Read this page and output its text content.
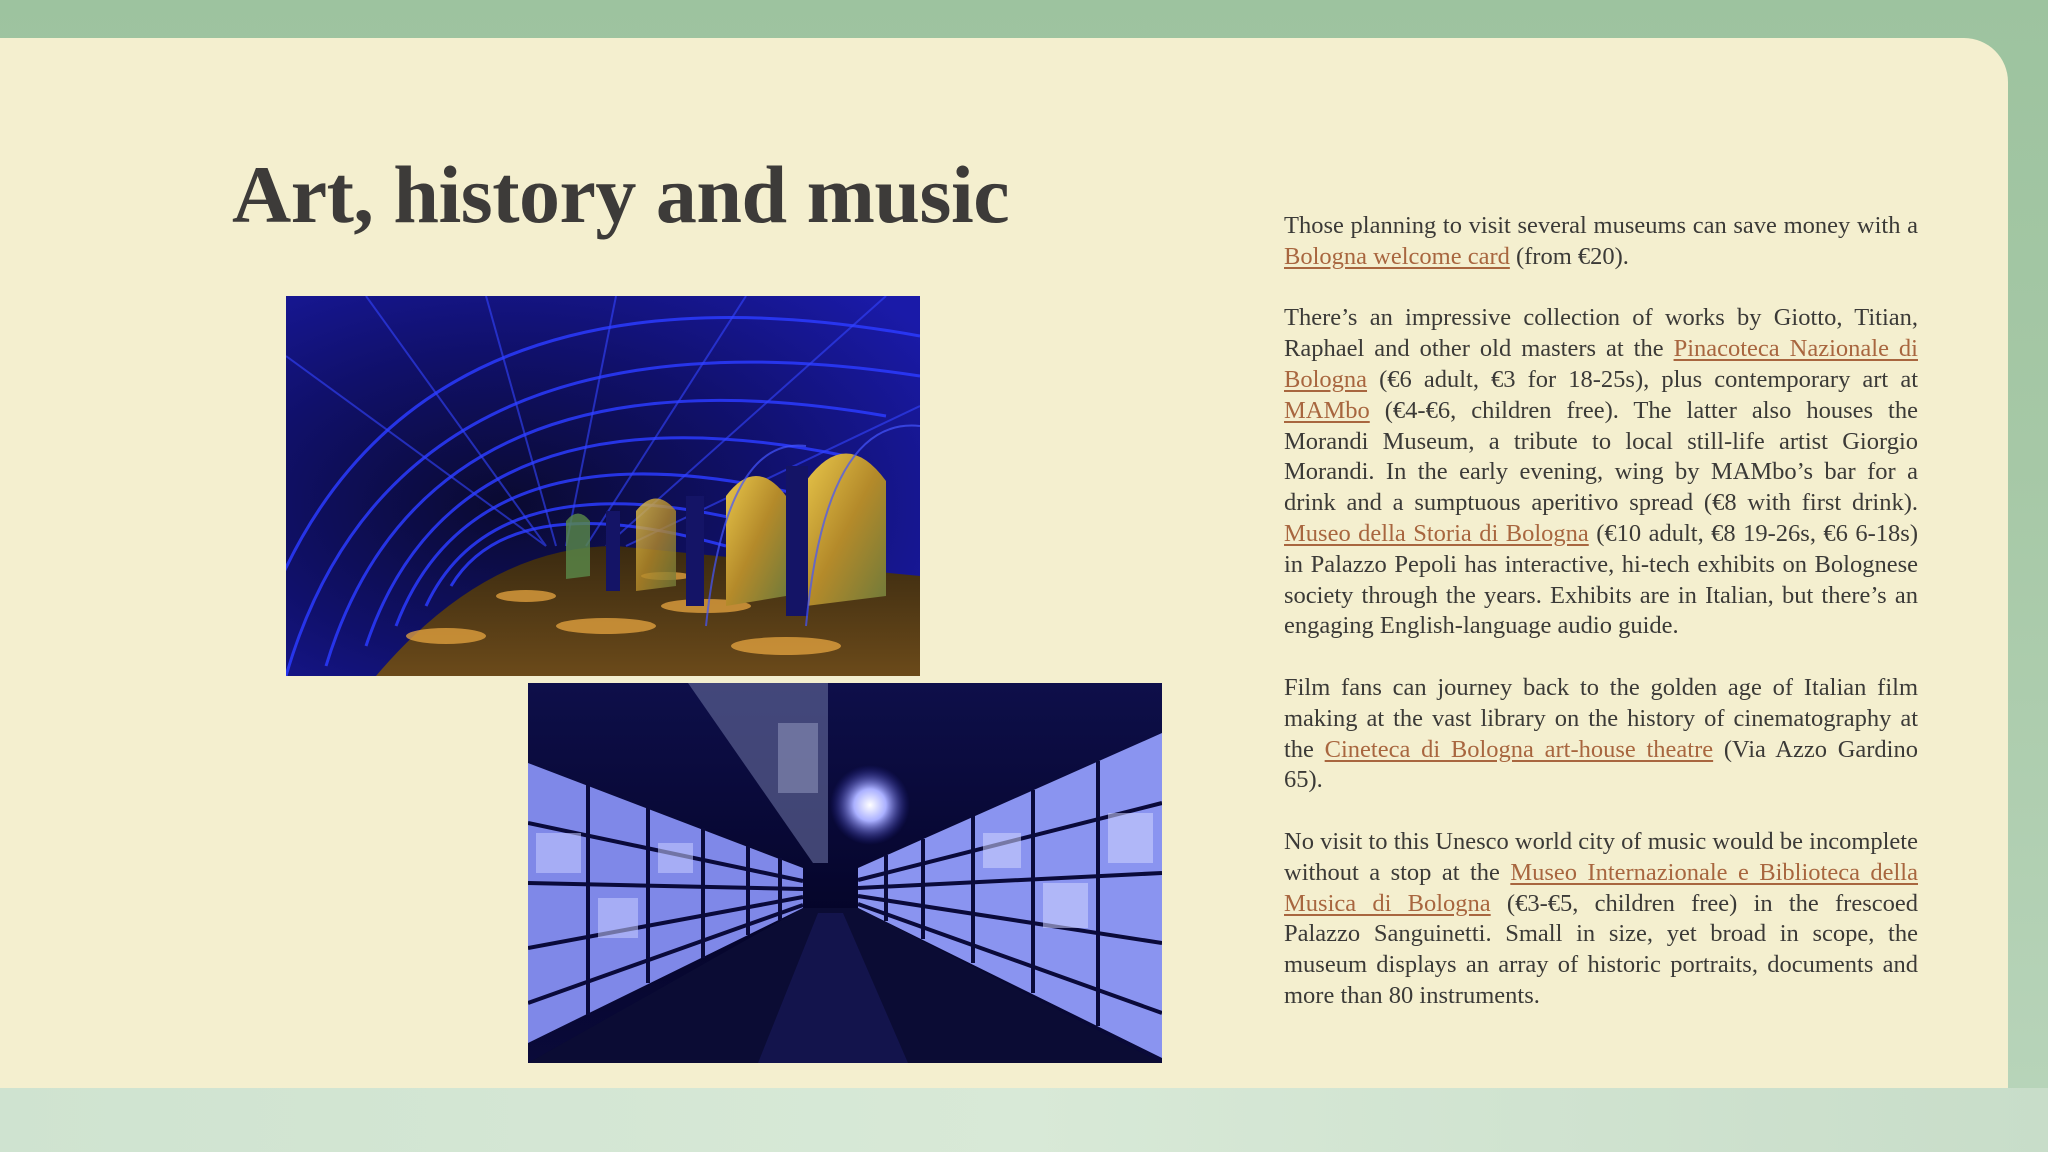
Art, history and music	Those planning to visit several museums can save money with a Bologna welcome card (from €20).

There’s an impressive collection of works by Giotto, Titian, Raphael and other old masters at the Pinacoteca Nazionale di Bologna (€6 adult, €3 for 18-25s), plus contemporary art at MAMbo (€4-€6, children free). The latter also houses the Morandi Museum, a tribute to local still-life artist Giorgio Morandi. In the early evening, wing by MAMbo’s bar for a drink and a sumptuous aperitivo spread (€8 with first drink). Museo della Storia di Bologna (€10 adult, €8 19-26s, €6 6-18s) in Palazzo Pepoli has interactive, hi-tech exhibits on Bolognese society through the years. Exhibits are in Italian, but there’s an engaging English-language audio guide.

Film fans can journey back to the golden age of Italian film making at the vast library on the history of cinematography at the Cineteca di Bologna art-house theatre (Via Azzo Gardino 65).

No visit to this Unesco world city of music would be incomplete without a stop at the Museo Internazionale e Biblioteca della Musica di Bologna (€3-€5, children free) in the frescoed Palazzo Sanguinetti. Small in size, yet broad in scope, the museum displays an array of historic portraits, documents and more than 80 instruments.
